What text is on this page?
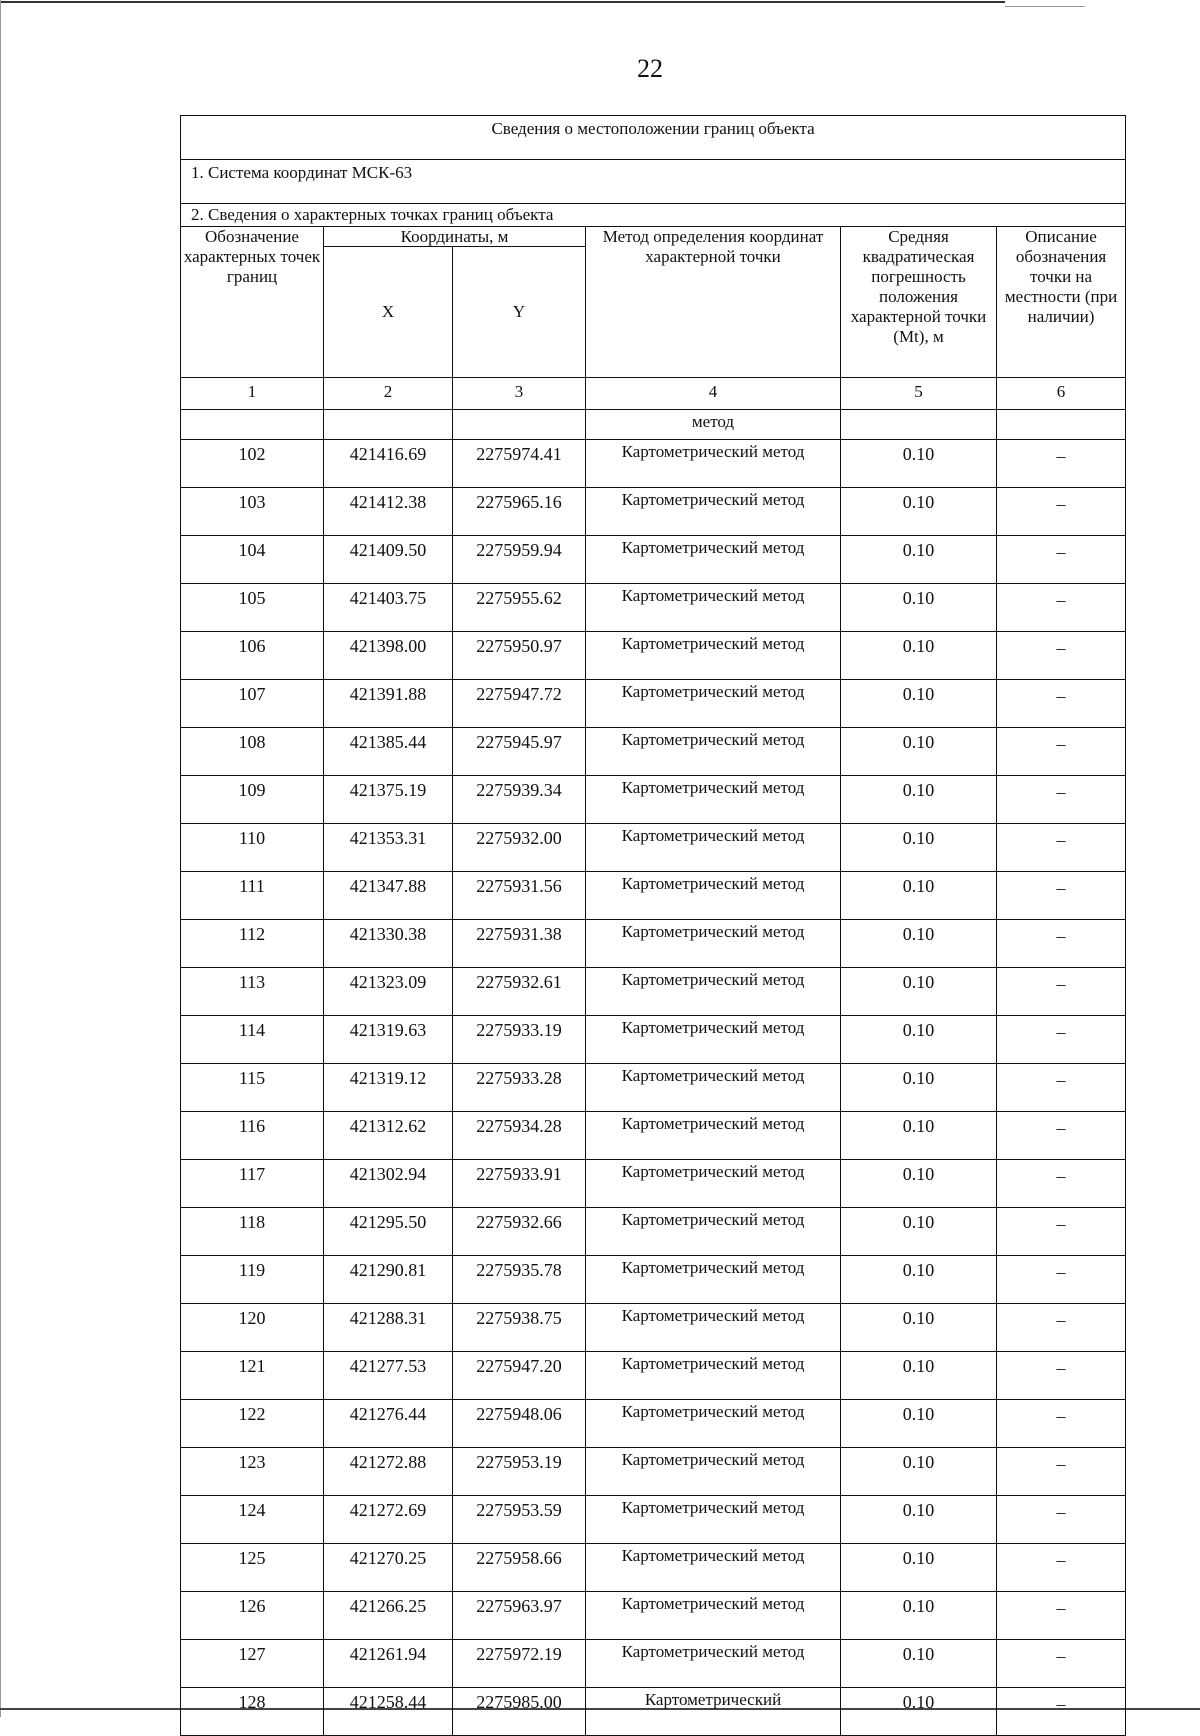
22
Сведения о местоположении границ объекта					
1. Система координат МСК-63					
2. Сведения о характерных точках границ объекта					
Обозначение характерных точек границ	Координаты, м		Метод определения координат характерной точки	Средняя квадратическая погрешность положения характерной точки (Mt), м	Описание обозначения точки на местности (при наличии)
	X	Y			
1	2	3	4	5	6
			метод		
102	421416.69	2275974.41	Картометрический метод	0.10	–
103	421412.38	2275965.16	Картометрический метод	0.10	–
104	421409.50	2275959.94	Картометрический метод	0.10	–
105	421403.75	2275955.62	Картометрический метод	0.10	–
106	421398.00	2275950.97	Картометрический метод	0.10	–
107	421391.88	2275947.72	Картометрический метод	0.10	–
108	421385.44	2275945.97	Картометрический метод	0.10	–
109	421375.19	2275939.34	Картометрический метод	0.10	–
110	421353.31	2275932.00	Картометрический метод	0.10	–
111	421347.88	2275931.56	Картометрический метод	0.10	–
112	421330.38	2275931.38	Картометрический метод	0.10	–
113	421323.09	2275932.61	Картометрический метод	0.10	–
114	421319.63	2275933.19	Картометрический метод	0.10	–
115	421319.12	2275933.28	Картометрический метод	0.10	–
116	421312.62	2275934.28	Картометрический метод	0.10	–
117	421302.94	2275933.91	Картометрический метод	0.10	–
118	421295.50	2275932.66	Картометрический метод	0.10	–
119	421290.81	2275935.78	Картометрический метод	0.10	–
120	421288.31	2275938.75	Картометрический метод	0.10	–
121	421277.53	2275947.20	Картометрический метод	0.10	–
122	421276.44	2275948.06	Картометрический метод	0.10	–
123	421272.88	2275953.19	Картометрический метод	0.10	–
124	421272.69	2275953.59	Картометрический метод	0.10	–
125	421270.25	2275958.66	Картометрический метод	0.10	–
126	421266.25	2275963.97	Картометрический метод	0.10	–
127	421261.94	2275972.19	Картометрический метод	0.10	–
128	421258.44	2275985.00	Картометрический	0.10	–
